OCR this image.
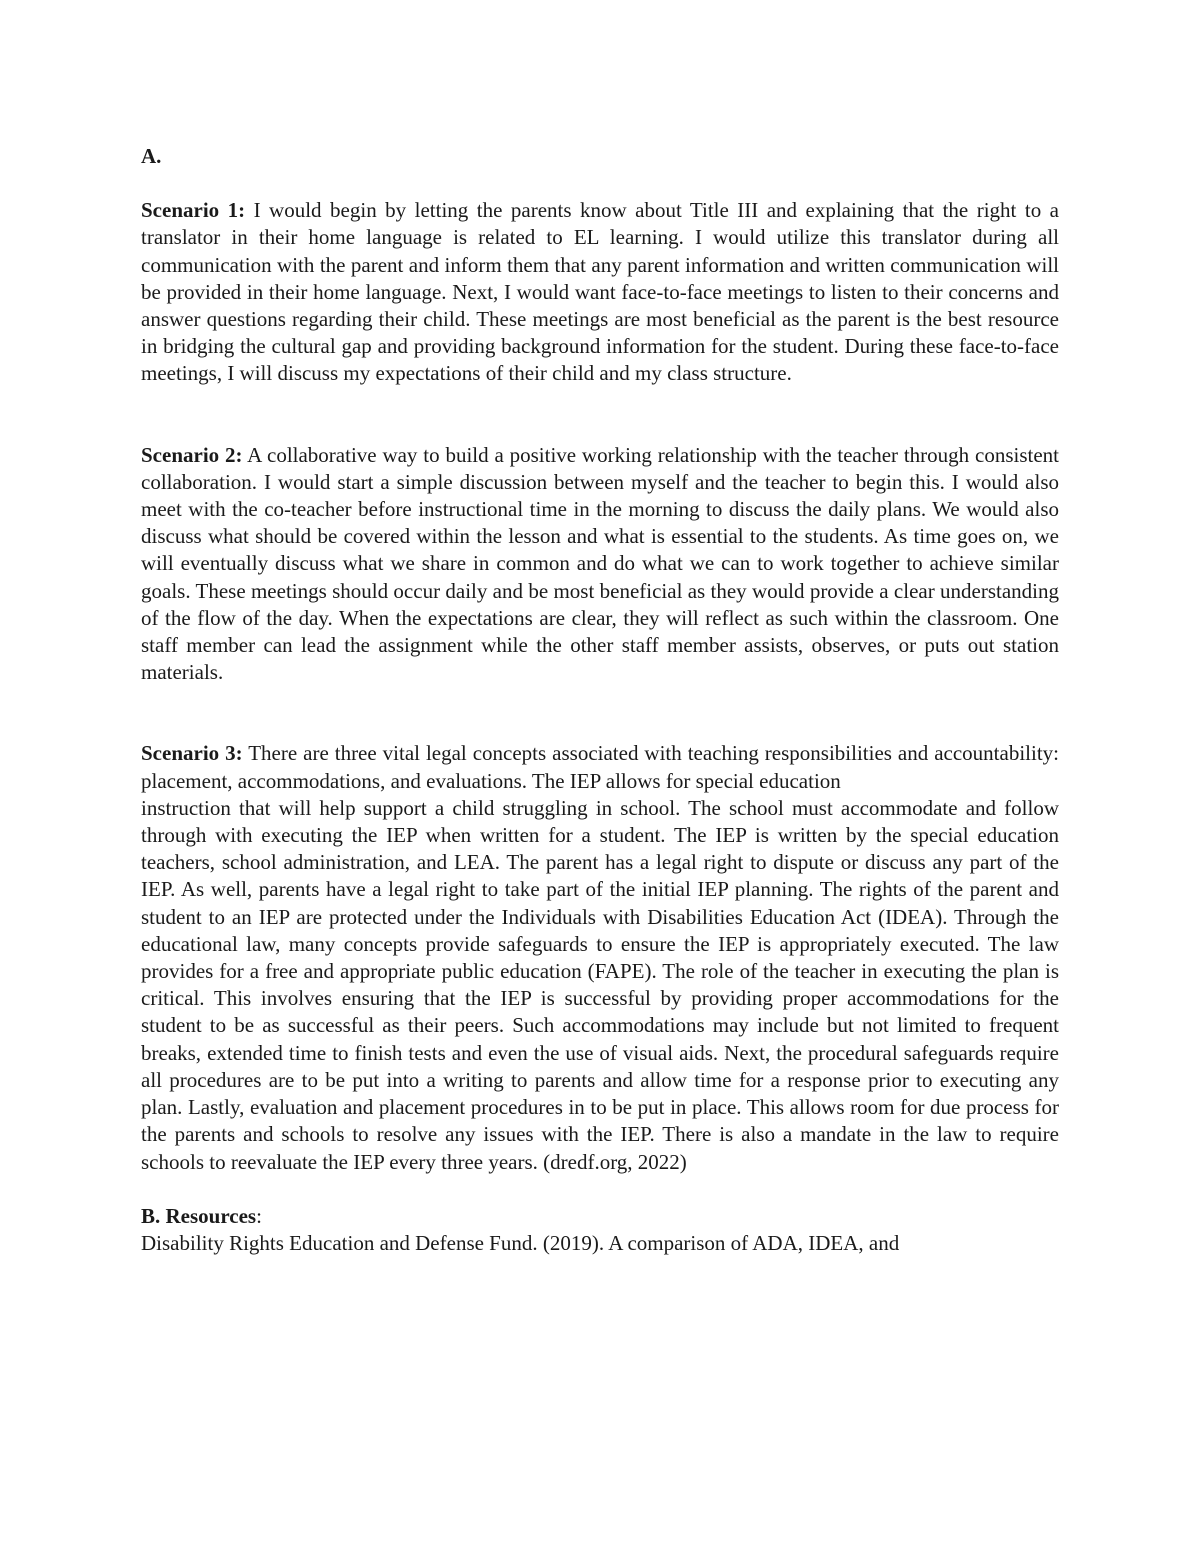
A.

Scenario 1: I would begin by letting the parents know about Title III and explaining that the right to a translator in their home language is related to EL learning. I would utilize this translator during all communication with the parent and inform them that any parent information and written communication will be provided in their home language. Next, I would want face-to-face meetings to listen to their concerns and answer questions regarding their child. These meetings are most beneficial as the parent is the best resource in bridging the cultural gap and providing background information for the student. During these face-to-face meetings, I will discuss my expectations of their child and my class structure.

Scenario 2: A collaborative way to build a positive working relationship with the teacher through consistent collaboration. I would start a simple discussion between myself and the teacher to begin this. I would also meet with the co-teacher before instructional time in the morning to discuss the daily plans. We would also discuss what should be covered within the lesson and what is essential to the students. As time goes on, we will eventually discuss what we share in common and do what we can to work together to achieve similar goals. These meetings should occur daily and be most beneficial as they would provide a clear understanding of the flow of the day. When the expectations are clear, they will reflect as such within the classroom. One staff member can lead the assignment while the other staff member assists, observes, or puts out station materials.

Scenario 3: There are three vital legal concepts associated with teaching responsibilities and accountability: placement, accommodations, and evaluations. The IEP allows for special education

instruction that will help support a child struggling in school. The school must accommodate and follow through with executing the IEP when written for a student. The IEP is written by the special education teachers, school administration, and LEA. The parent has a legal right to dispute or discuss any part of the IEP. As well, parents have a legal right to take part of the initial IEP planning. The rights of the parent and student to an IEP are protected under the Individuals with Disabilities Education Act (IDEA). Through the educational law, many concepts provide safeguards to ensure the IEP is appropriately executed. The law provides for a free and appropriate public education (FAPE). The role of the teacher in executing the plan is critical. This involves ensuring that the IEP is successful by providing proper accommodations for the student to be as successful as their peers. Such accommodations may include but not limited to frequent breaks, extended time to finish tests and even the use of visual aids. Next, the procedural safeguards require all procedures are to be put into a writing to parents and allow time for a response prior to executing any plan. Lastly, evaluation and placement procedures in to be put in place. This allows room for due process for the parents and schools to resolve any issues with the IEP. There is also a mandate in the law to require schools to reevaluate the IEP every three years. (dredf.org, 2022)

B. Resources:

Disability Rights Education and Defense Fund. (2019). A comparison of ADA, IDEA, and
